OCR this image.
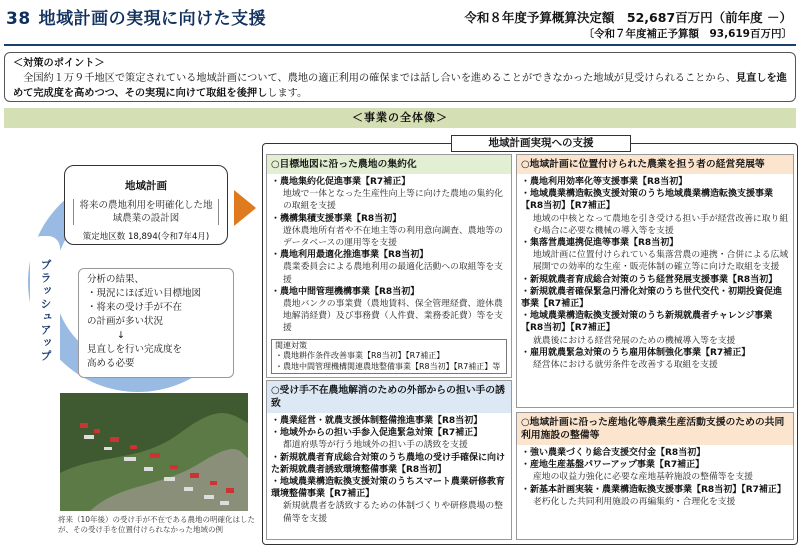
38 地域計画の実現に向けた支援	令和８年度予算概算決定額　52,687百万円（前年度 －）
〔令和７年度補正予算額　93,619百万円〕
＜対策のポイント＞
全国約１万９千地区で策定されている地域計画について、農地の適正利用の確保までは話し合いを進めることができなかった地域が見受けられることから、見直しを進めて完成度を高めつつ、その実現に向けて取組を後押しします。
＜事業の全体像＞
ブラッシュアップ
地域計画
将来の農地利用を明確化した地域農業の設計図
策定地区数 18,894(令和7年4月)
分析の結果、
・現況にほぼ近い目標地図
・将来の受け手が不在
の計画が多い状況
↓
見直しを行い完成度を
高める必要
将来（10年後）の受け手が不在である農地の明確化はしたが、その受け手を位置付けられなかった地域の例
地域計画実現への支援
○目標地図に沿った農地の集約化
・農地集約化促進事業【R7補正】
地域で一体となった生産性向上等に向けた農地の集約化の取組を支援
・機構集積支援事業【R8当初】
遊休農地所有者や不在地主等の利用意向調査、農地等のデータベースの運用等を支援
・農地利用最適化推進事業【R8当初】
農業委員会による農地利用の最適化活動への取組等を支援
・農地中間管理機構事業【R8当初】
農地バンクの事業費（農地賃料、保全管理経費、遊休農地解消経費）及び事務費（人件費、業務委託費）等を支援
関連対策
・農地耕作条件改善事業【R8当初】【R7補正】
・農地中間管理機構関連農地整備事業【R8当初】【R7補正】等
○受け手不在農地解消のための外部からの担い手の誘致
・農業経営・就農支援体制整備推進事業【R8当初】
・地域外からの担い手参入促進緊急対策【R7補正】
都道府県等が行う地域外の担い手の誘致を支援
・新規就農者育成総合対策のうち農地の受け手確保に向けた新規就農者誘致環境整備事業【R8当初】
・地域農業構造転換支援対策のうちスマート農業研修教育環境整備事業【R7補正】
新規就農者を誘致するための体制づくりや研修農場の整備等を支援
○地域計画に位置付けられた農業を担う者の経営発展等
・農地利用効率化等支援事業【R8当初】
・地域農業構造転換支援対策のうち地域農業構造転換支援事業【R8当初】【R7補正】
地域の中核となって農地を引き受ける担い手が経営改善に取り組む場合に必要な機械の導入等を支援
・集落営農連携促進等事業【R8当初】
地域計画に位置付けられている集落営農の連携・合併による広域展開での効率的な生産・販売体制の確立等に向けた取組を支援
・新規就農者育成総合対策のうち経営発展支援事業【R8当初】
・新規就農者確保緊急円滑化対策のうち世代交代・初期投資促進事業【R7補正】
・地域農業構造転換支援対策のうち新規就農者チャレンジ事業【R8当初】【R7補正】
就農後における経営発展のための機械導入等を支援
・雇用就農緊急対策のうち雇用体制強化事業【R7補正】
経営体における就労条件を改善する取組を支援
○地域計画に沿った産地化等農業生産活動支援のための共同利用施設の整備等
・強い農業づくり総合支援交付金【R8当初】
・産地生産基盤パワーアップ事業【R7補正】
産地の収益力強化に必要な産地基幹施設の整備等を支援
・新基本計画実装・農業構造転換支援事業【R8当初】【R7補正】
老朽化した共同利用施設の再編集約・合理化を支援
